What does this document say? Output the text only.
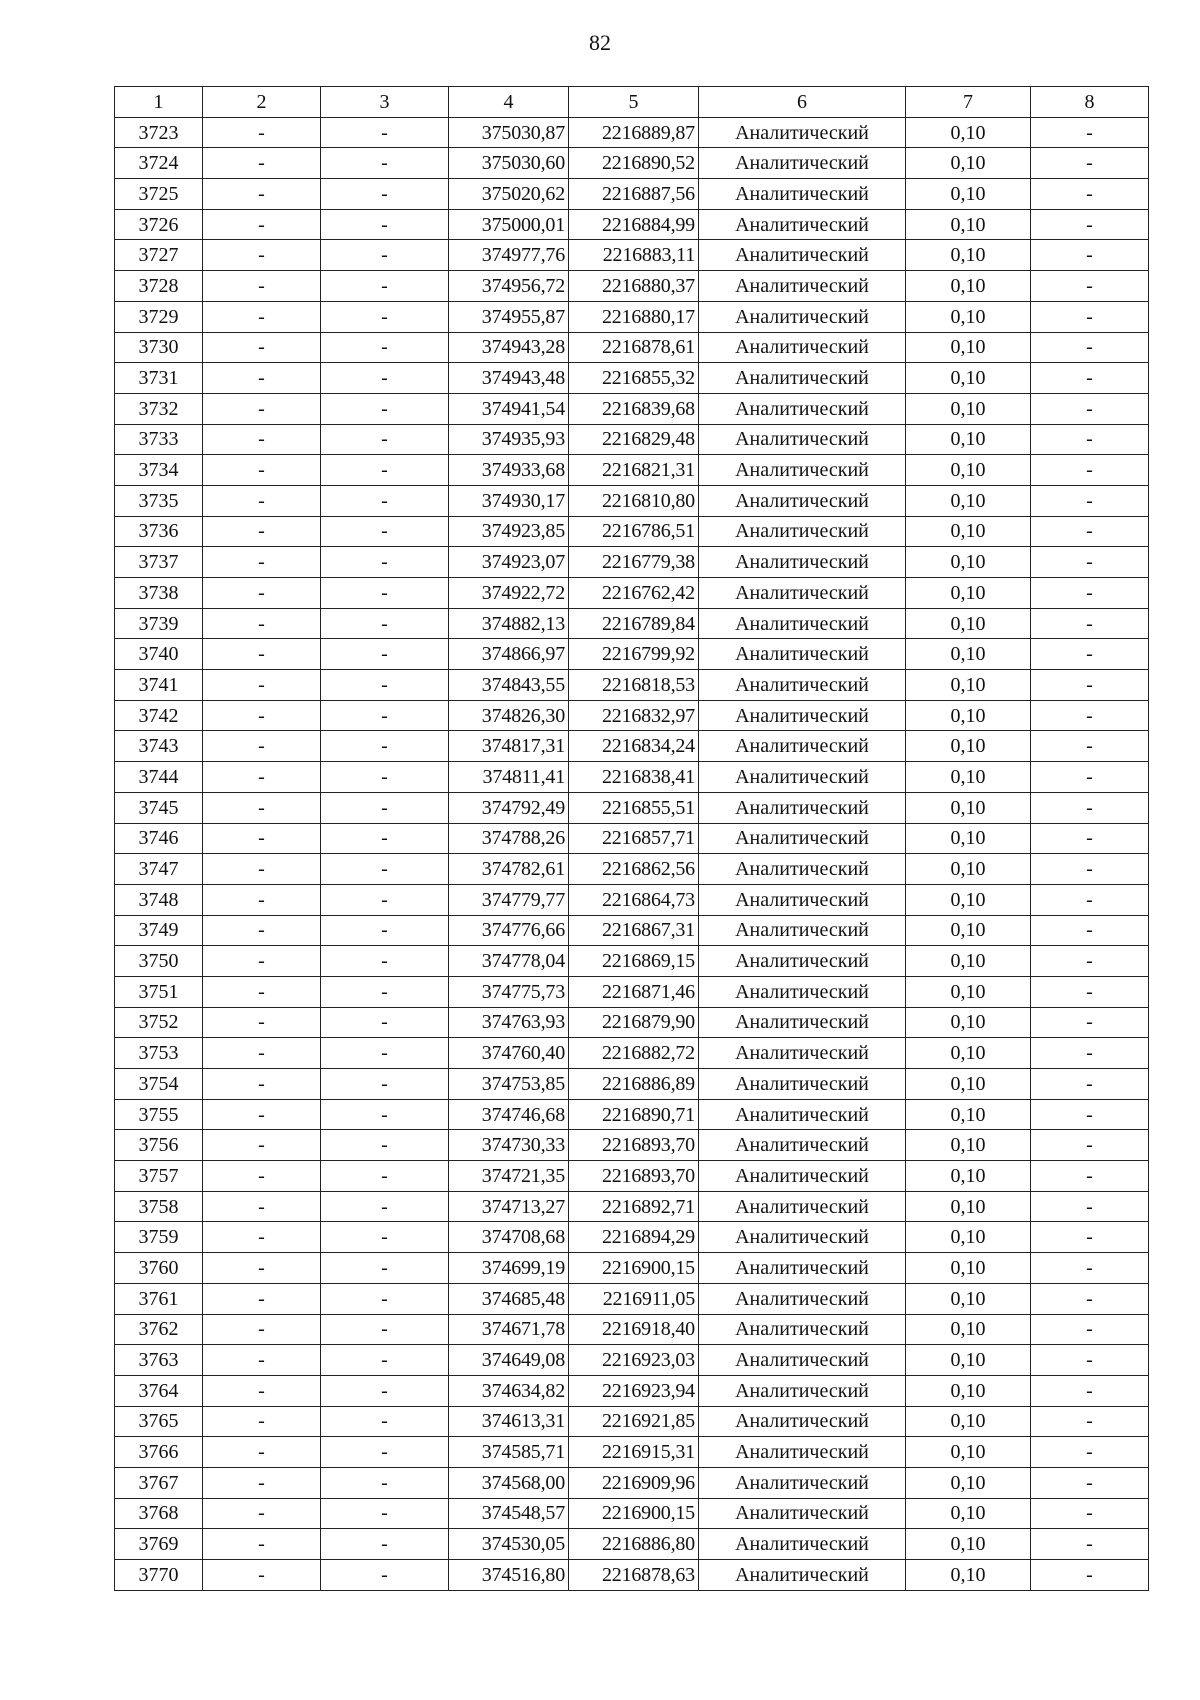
82
1	2	3	4	5	6	7	8
3723	-	-	375030,87	2216889,87	Аналитический	0,10	-
3724	-	-	375030,60	2216890,52	Аналитический	0,10	-
3725	-	-	375020,62	2216887,56	Аналитический	0,10	-
3726	-	-	375000,01	2216884,99	Аналитический	0,10	-
3727	-	-	374977,76	2216883,11	Аналитический	0,10	-
3728	-	-	374956,72	2216880,37	Аналитический	0,10	-
3729	-	-	374955,87	2216880,17	Аналитический	0,10	-
3730	-	-	374943,28	2216878,61	Аналитический	0,10	-
3731	-	-	374943,48	2216855,32	Аналитический	0,10	-
3732	-	-	374941,54	2216839,68	Аналитический	0,10	-
3733	-	-	374935,93	2216829,48	Аналитический	0,10	-
3734	-	-	374933,68	2216821,31	Аналитический	0,10	-
3735	-	-	374930,17	2216810,80	Аналитический	0,10	-
3736	-	-	374923,85	2216786,51	Аналитический	0,10	-
3737	-	-	374923,07	2216779,38	Аналитический	0,10	-
3738	-	-	374922,72	2216762,42	Аналитический	0,10	-
3739	-	-	374882,13	2216789,84	Аналитический	0,10	-
3740	-	-	374866,97	2216799,92	Аналитический	0,10	-
3741	-	-	374843,55	2216818,53	Аналитический	0,10	-
3742	-	-	374826,30	2216832,97	Аналитический	0,10	-
3743	-	-	374817,31	2216834,24	Аналитический	0,10	-
3744	-	-	374811,41	2216838,41	Аналитический	0,10	-
3745	-	-	374792,49	2216855,51	Аналитический	0,10	-
3746	-	-	374788,26	2216857,71	Аналитический	0,10	-
3747	-	-	374782,61	2216862,56	Аналитический	0,10	-
3748	-	-	374779,77	2216864,73	Аналитический	0,10	-
3749	-	-	374776,66	2216867,31	Аналитический	0,10	-
3750	-	-	374778,04	2216869,15	Аналитический	0,10	-
3751	-	-	374775,73	2216871,46	Аналитический	0,10	-
3752	-	-	374763,93	2216879,90	Аналитический	0,10	-
3753	-	-	374760,40	2216882,72	Аналитический	0,10	-
3754	-	-	374753,85	2216886,89	Аналитический	0,10	-
3755	-	-	374746,68	2216890,71	Аналитический	0,10	-
3756	-	-	374730,33	2216893,70	Аналитический	0,10	-
3757	-	-	374721,35	2216893,70	Аналитический	0,10	-
3758	-	-	374713,27	2216892,71	Аналитический	0,10	-
3759	-	-	374708,68	2216894,29	Аналитический	0,10	-
3760	-	-	374699,19	2216900,15	Аналитический	0,10	-
3761	-	-	374685,48	2216911,05	Аналитический	0,10	-
3762	-	-	374671,78	2216918,40	Аналитический	0,10	-
3763	-	-	374649,08	2216923,03	Аналитический	0,10	-
3764	-	-	374634,82	2216923,94	Аналитический	0,10	-
3765	-	-	374613,31	2216921,85	Аналитический	0,10	-
3766	-	-	374585,71	2216915,31	Аналитический	0,10	-
3767	-	-	374568,00	2216909,96	Аналитический	0,10	-
3768	-	-	374548,57	2216900,15	Аналитический	0,10	-
3769	-	-	374530,05	2216886,80	Аналитический	0,10	-
3770	-	-	374516,80	2216878,63	Аналитический	0,10	-
